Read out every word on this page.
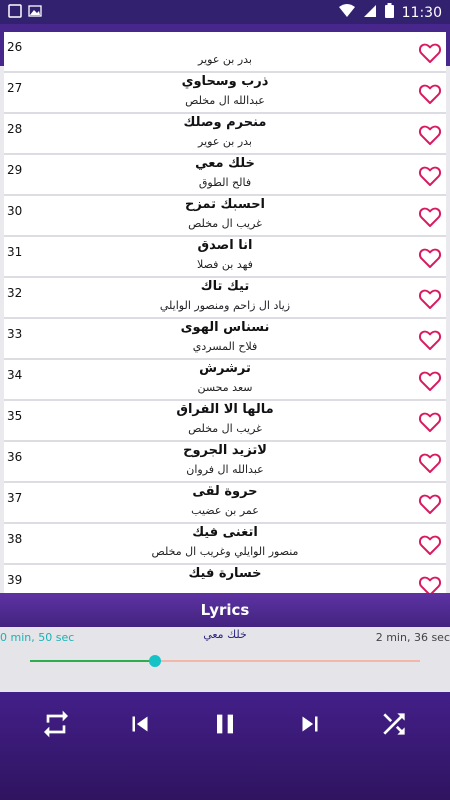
11:30
26
بدر بن عوير
27	ذرب وسحاوي
عبدالله ال مخلص
28	منحرم وصلك
بدر بن عوير
29	خلك معي
فالح الطوق
30	احسبك تمزح
غريب ال مخلص
31	انا اصدق
فهد بن فصلا
32	تيك تاك
زياد ال زاحم ومنصور الوايلي
33	نسناس الهوى
فلاح المسردي
34	ترشرش
سعد محسن
35	مالها الا الفراق
غريب ال مخلص
36	لاتزيد الجروح
عبدالله ال فروان
37	حروة لقى
عمر بن عضيب
38	اتغنى فيك
منصور الوايلي وغريب ال مخلص
39	خسارة فيك
Lyrics
0 min, 50 sec	خلك معي	2 min, 36 sec
